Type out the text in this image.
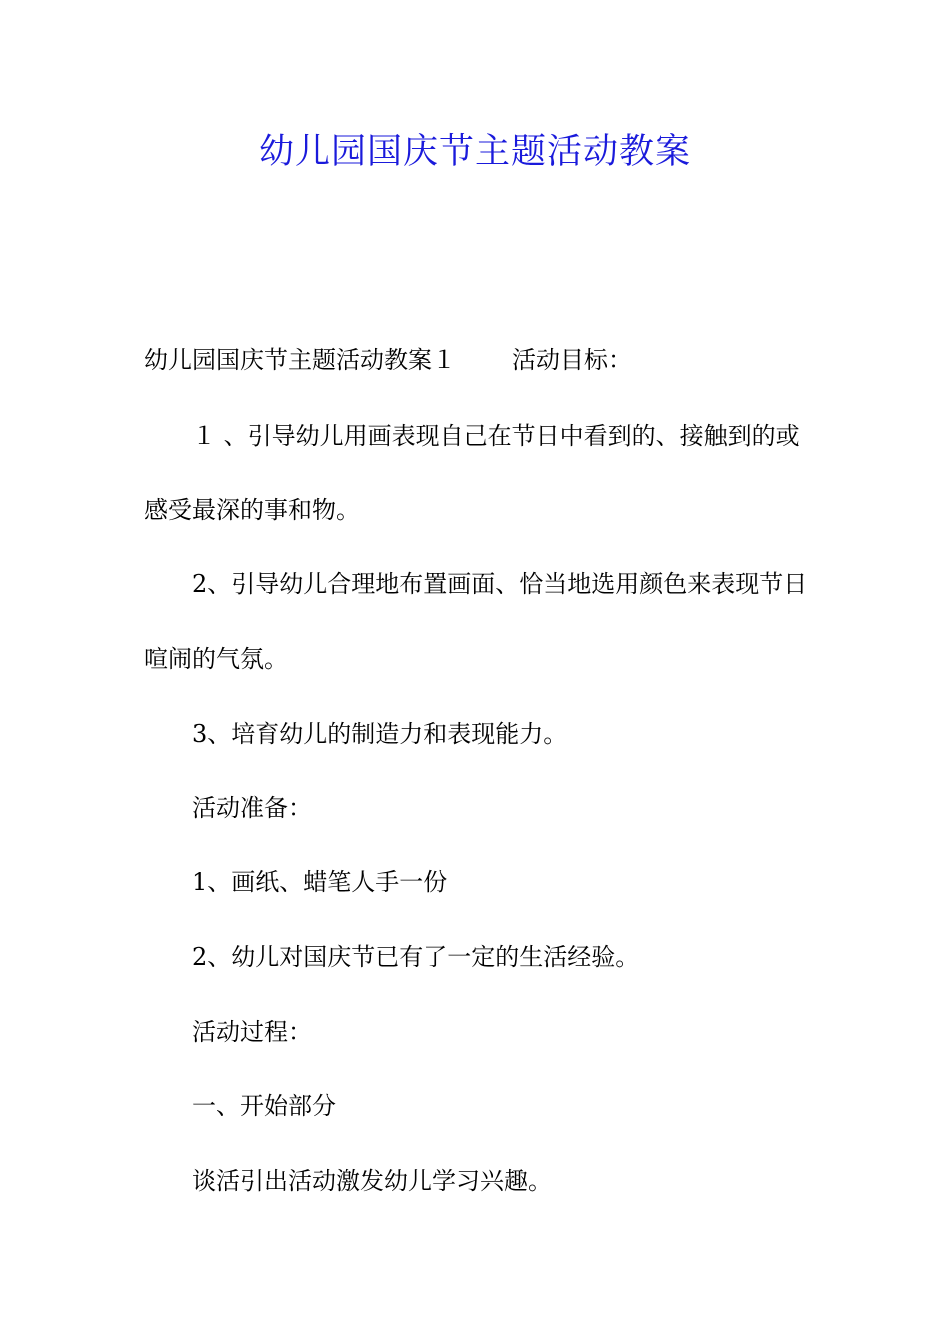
幼儿园国庆节主题活动教案
幼儿园国庆节主题活动教案１ 活动目标：
１ 、引导幼儿用画表现自己在节日中看到的、接触到的或
感受最深的事和物。
2、引导幼儿合理地布置画面、恰当地选用颜色来表现节日
喧闹的气氛。
3、培育幼儿的制造力和表现能力。
活动准备：
1、画纸、蜡笔人手一份
2、幼儿对国庆节已有了一定的生活经验。
活动过程：
一、开始部分
谈活引出活动激发幼儿学习兴趣。
